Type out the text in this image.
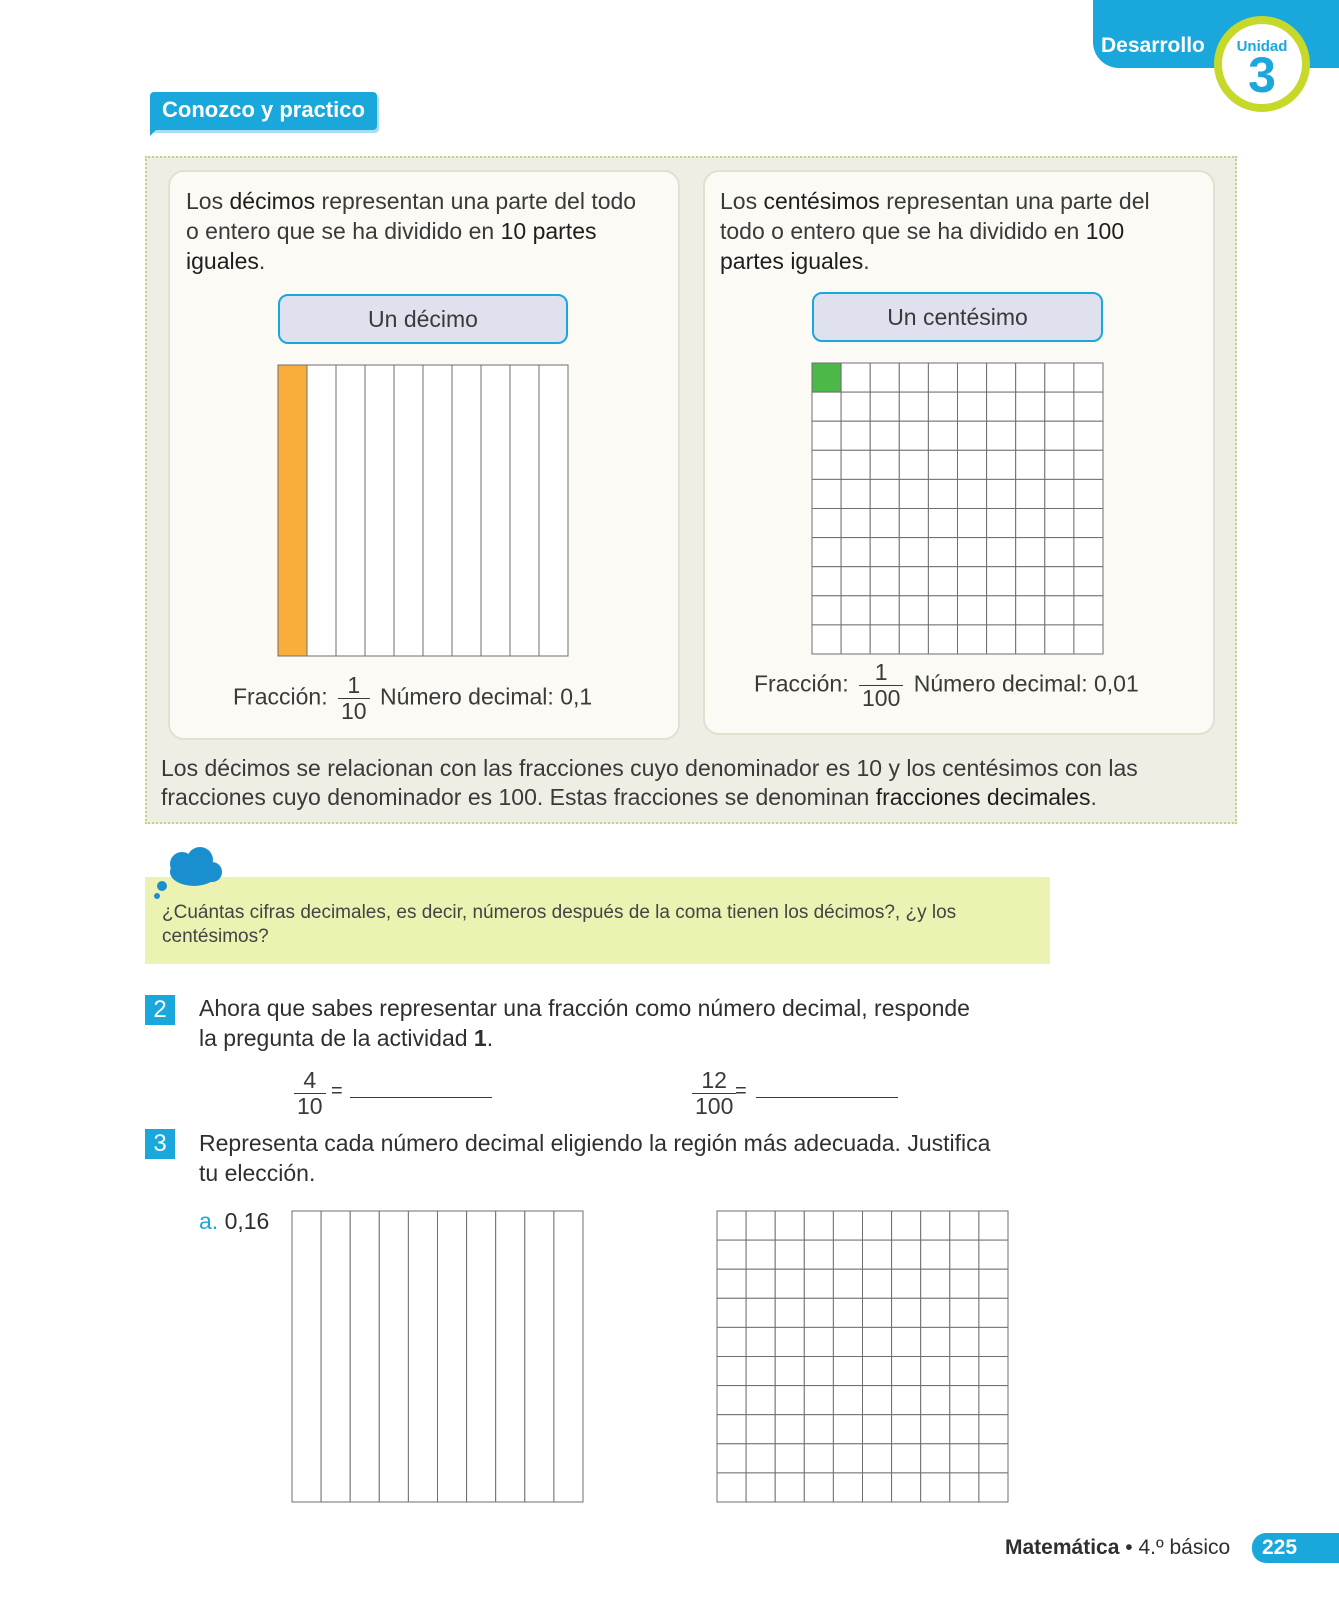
Desarrollo	Unidad
3
Conozco y practico
Los décimos representan una parte del todo o entero que se ha dividido en 10 partes iguales.
Un décimo
Fracción: $\frac{1}{10}$ Número decimal: 0,1
Los centésimos representan una parte del todo o entero que se ha dividido en 100 partes iguales.
Un centésimo
Fracción: $\frac{1}{100}$ Número decimal: 0,01
Los décimos se relacionan con las fracciones cuyo denominador es 10 y los centésimos con las fracciones cuyo denominador es 100. Estas fracciones se denominan fracciones decimales.
¿Cuántas cifras decimales, es decir, números después de la coma tienen los décimos?, ¿y los centésimos?
2	Ahora que sabes representar una fracción como número decimal, responde la pregunta de la actividad 1.
$\frac{4}{10}$ =	$\frac{12}{100}$
=
3	Representa cada número decimal eligiendo la región más adecuada. Justifica tu elección.
a. 0,16
Matemática • 4.º básico	225
